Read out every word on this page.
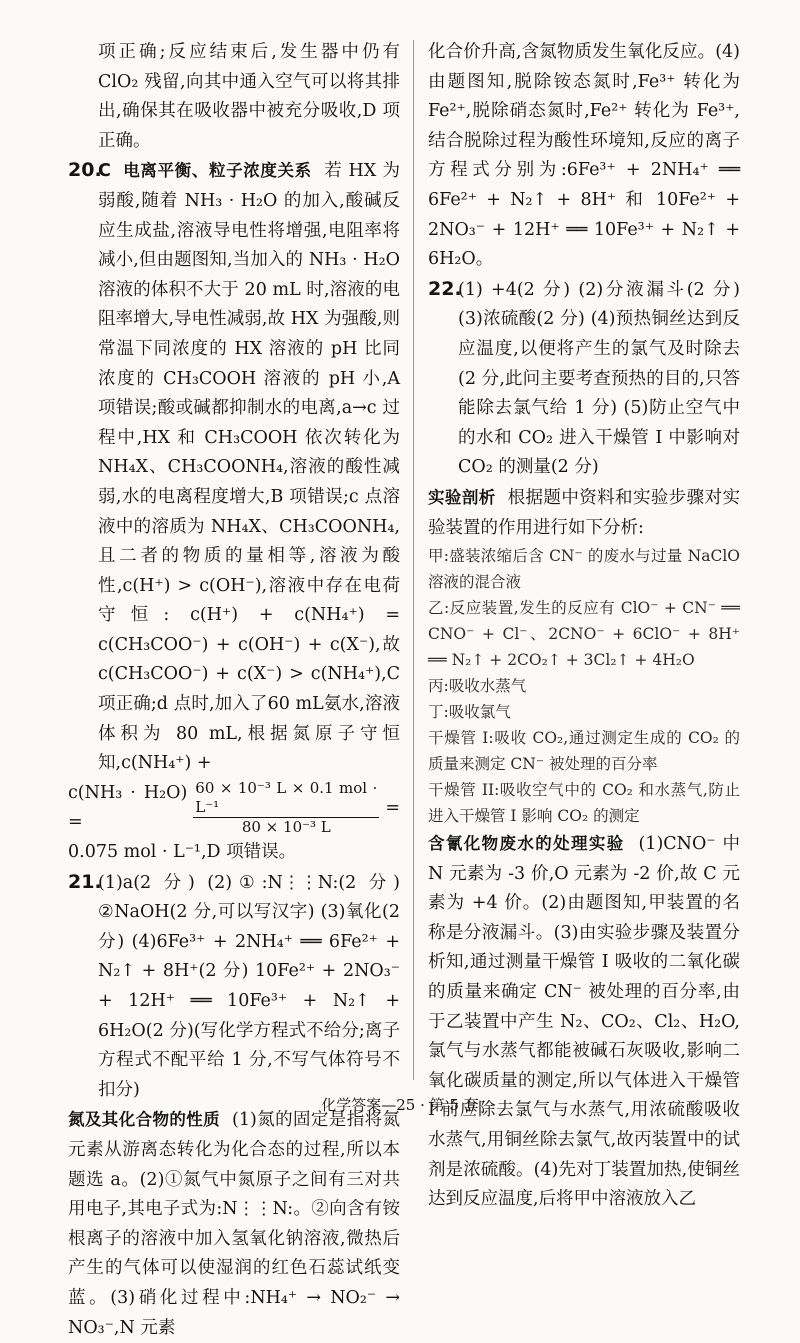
项正确;反应结束后,发生器中仍有 ClO₂ 残留,向其中通入空气可以将其排出,确保其在吸收器中被充分吸收,D 项正确。

20.C 电离平衡、粒子浓度关系 若 HX 为弱酸,随着 NH₃ · H₂O 的加入,酸碱反应生成盐,溶液导电性将增强,电阻率将减小,但由题图知,当加入的 NH₃ · H₂O 溶液的体积不大于 20 mL 时,溶液的电阻率增大,导电性减弱,故 HX 为强酸,则常温下同浓度的 HX 溶液的 pH 比同浓度的 CH₃COOH 溶液的 pH 小,A 项错误;酸或碱都抑制水的电离,a→c 过程中,HX 和 CH₃COOH 依次转化为 NH₄X、CH₃COONH₄,溶液的酸性减弱,水的电离程度增大,B 项错误;c 点溶液中的溶质为 NH₄X、CH₃COONH₄,且二者的物质的量相等,溶液为酸性,c(H⁺) > c(OH⁻),溶液中存在电荷守恒: c(H⁺) + c(NH₄⁺) = c(CH₃COO⁻) + c(OH⁻) + c(X⁻),故 c(CH₃COO⁻) + c(X⁻) > c(NH₄⁺),C 项正确;d 点时,加入了60 mL氨水,溶液体积为 80 mL,根据氮原子守恒知,c(NH₄⁺) +

c(NH₃ · H₂O) =	$\frac{\text{60 × 10⁻³ L × 0.1 mol · L⁻¹}}{\text{80 × 10⁻³ L}}$ =

0.075 mol · L⁻¹,D 项错误。

21.(1)a(2 分) (2)①:N⋮⋮N:(2 分) ②NaOH(2 分,可以写汉字) (3)氧化(2 分) (4)6Fe³⁺ + 2NH₄⁺ ══ 6Fe²⁺ + N₂↑ + 8H⁺(2 分) 10Fe²⁺ + 2NO₃⁻ + 12H⁺ ══ 10Fe³⁺ + N₂↑ + 6H₂O(2 分)(写化学方程式不给分;离子方程式不配平给 1 分,不写气体符号不扣分)

氮及其化合物的性质 (1)氮的固定是指将氮元素从游离态转化为化合态的过程,所以本题选 a。(2)①氮气中氮原子之间有三对共用电子,其电子式为:N⋮⋮N:。②向含有铵根离子的溶液中加入氢氧化钠溶液,微热后产生的气体可以使湿润的红色石蕊试纸变蓝。(3)硝化过程中:NH₄⁺ → NO₂⁻ → NO₃⁻,N 元素

化合价升高,含氮物质发生氧化反应。(4)由题图知,脱除铵态氮时,Fe³⁺ 转化为 Fe²⁺,脱除硝态氮时,Fe²⁺ 转化为 Fe³⁺,结合脱除过程为酸性环境知,反应的离子方程式分别为:6Fe³⁺ + 2NH₄⁺ ══ 6Fe²⁺ + N₂↑ + 8H⁺ 和 10Fe²⁺ + 2NO₃⁻ + 12H⁺ ══ 10Fe³⁺ + N₂↑ + 6H₂O。

22.(1) +4(2 分) (2)分液漏斗(2 分) (3)浓硫酸(2 分) (4)预热铜丝达到反应温度,以便将产生的氯气及时除去(2 分,此问主要考查预热的目的,只答能除去氯气给 1 分) (5)防止空气中的水和 CO₂ 进入干燥管 I 中影响对 CO₂ 的测量(2 分)

实验剖析 根据题中资料和实验步骤对实验装置的作用进行如下分析:

甲:盛装浓缩后含 CN⁻ 的废水与过量 NaClO 溶液的混合液

乙:反应装置,发生的反应有 ClO⁻ + CN⁻ ══ CNO⁻ + Cl⁻、2CNO⁻ + 6ClO⁻ + 8H⁺ ══ N₂↑ + 2CO₂↑ + 3Cl₂↑ + 4H₂O

丙:吸收水蒸气

丁:吸收氯气

干燥管 I:吸收 CO₂,通过测定生成的 CO₂ 的质量来测定 CN⁻ 被处理的百分率

干燥管 II:吸收空气中的 CO₂ 和水蒸气,防止进入干燥管 I 影响 CO₂ 的测定

含氰化物废水的处理实验 (1)CNO⁻ 中 N 元素为 -3 价,O 元素为 -2 价,故 C 元素为 +4 价。(2)由题图知,甲装置的名称是分液漏斗。(3)由实验步骤及装置分析知,通过测量干燥管 I 吸收的二氧化碳的质量来确定 CN⁻ 被处理的百分率,由于乙装置中产生 N₂、CO₂、Cl₂、H₂O,氯气与水蒸气都能被碱石灰吸收,影响二氧化碳质量的测定,所以气体进入干燥管 I 前应除去氯气与水蒸气,用浓硫酸吸收水蒸气,用铜丝除去氯气,故丙装置中的试剂是浓硫酸。(4)先对丁装置加热,使铜丝达到反应温度,后将甲中溶液放入乙

化学答案—25 · 第 5 套
